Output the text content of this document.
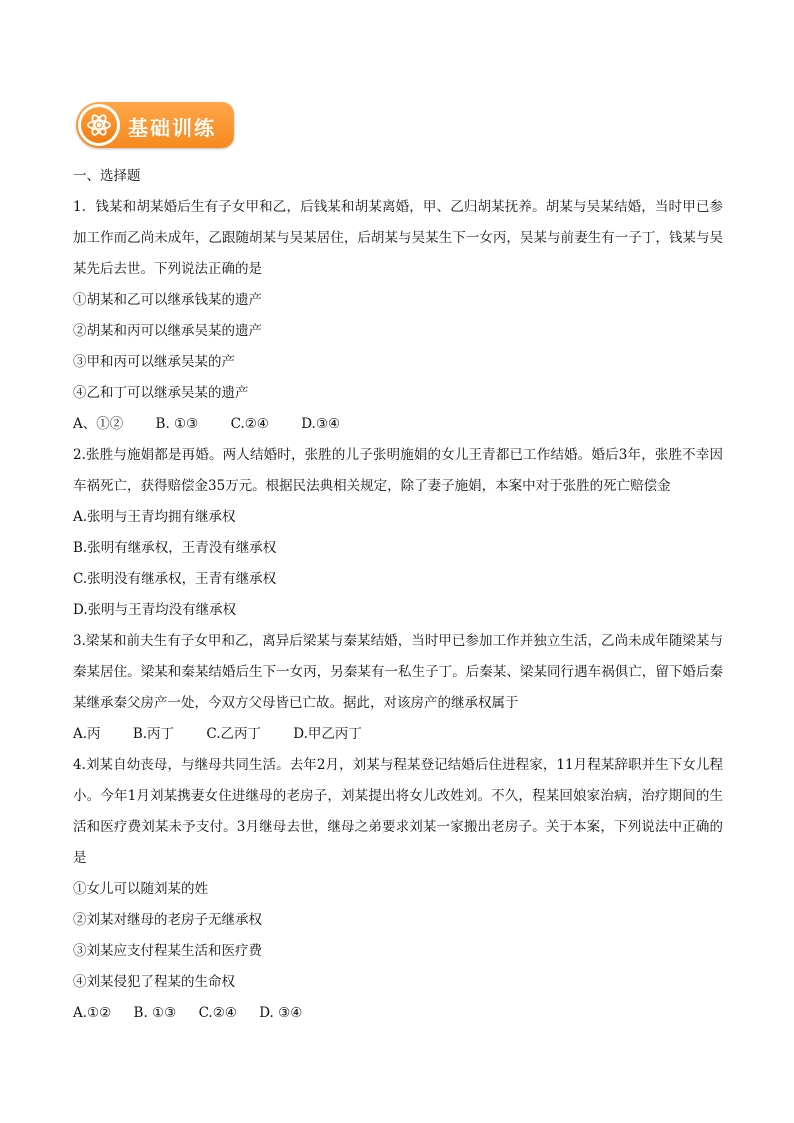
基础训练
一、选择题
1．钱某和胡某婚后生有子女甲和乙，后钱某和胡某离婚，甲、乙归胡某抚养。胡某与吴某结婚，当时甲已参加工作而乙尚未成年，乙跟随胡某与吴某居住，后胡某与吴某生下一女丙，吴某与前妻生有一子丁，钱某与吴某先后去世。下列说法正确的是
①胡某和乙可以继承钱某的遗产
②胡某和丙可以继承吴某的遗产
③甲和丙可以继承吴某的产
④乙和丁可以继承吴某的遗产
A、①② B. ①③ C.②④ D.③④
2.张胜与施娟都是再婚。两人结婚时，张胜的儿子张明施娟的女儿王青都已工作结婚。婚后3年，张胜不幸因车祸死亡，获得赔偿金35万元。根据民法典相关规定，除了妻子施娟，本案中对于张胜的死亡赔偿金
A.张明与王青均拥有继承权
B.张明有继承权，王青没有继承权
C.张明没有继承权，王青有继承权
D.张明与王青均没有继承权
3.梁某和前夫生有子女甲和乙，离异后梁某与秦某结婚，当时甲已参加工作并独立生活，乙尚未成年随梁某与秦某居住。梁某和秦某结婚后生下一女丙，另秦某有一私生子丁。后秦某、梁某同行遇车祸俱亡，留下婚后秦某继承秦父房产一处，今双方父母皆已亡故。据此，对该房产的继承权属于
A.丙 B.丙丁 C.乙丙丁 D.甲乙丙丁
4.刘某自幼丧母，与继母共同生活。去年2月，刘某与程某登记结婚后住进程家，11月程某辞职并生下女儿程小。今年1月刘某携妻女住进继母的老房子，刘某提出将女儿改姓刘。不久，程某回娘家治病，治疗期间的生活和医疗费刘某未予支付。3月继母去世，继母之弟要求刘某一家搬出老房子。关于本案，下列说法中正确的是
①女儿可以随刘某的姓
②刘某对继母的老房子无继承权
③刘某应支付程某生活和医疗费
④刘某侵犯了程某的生命权
A.①② B. ①③ C.②④ D. ③④
